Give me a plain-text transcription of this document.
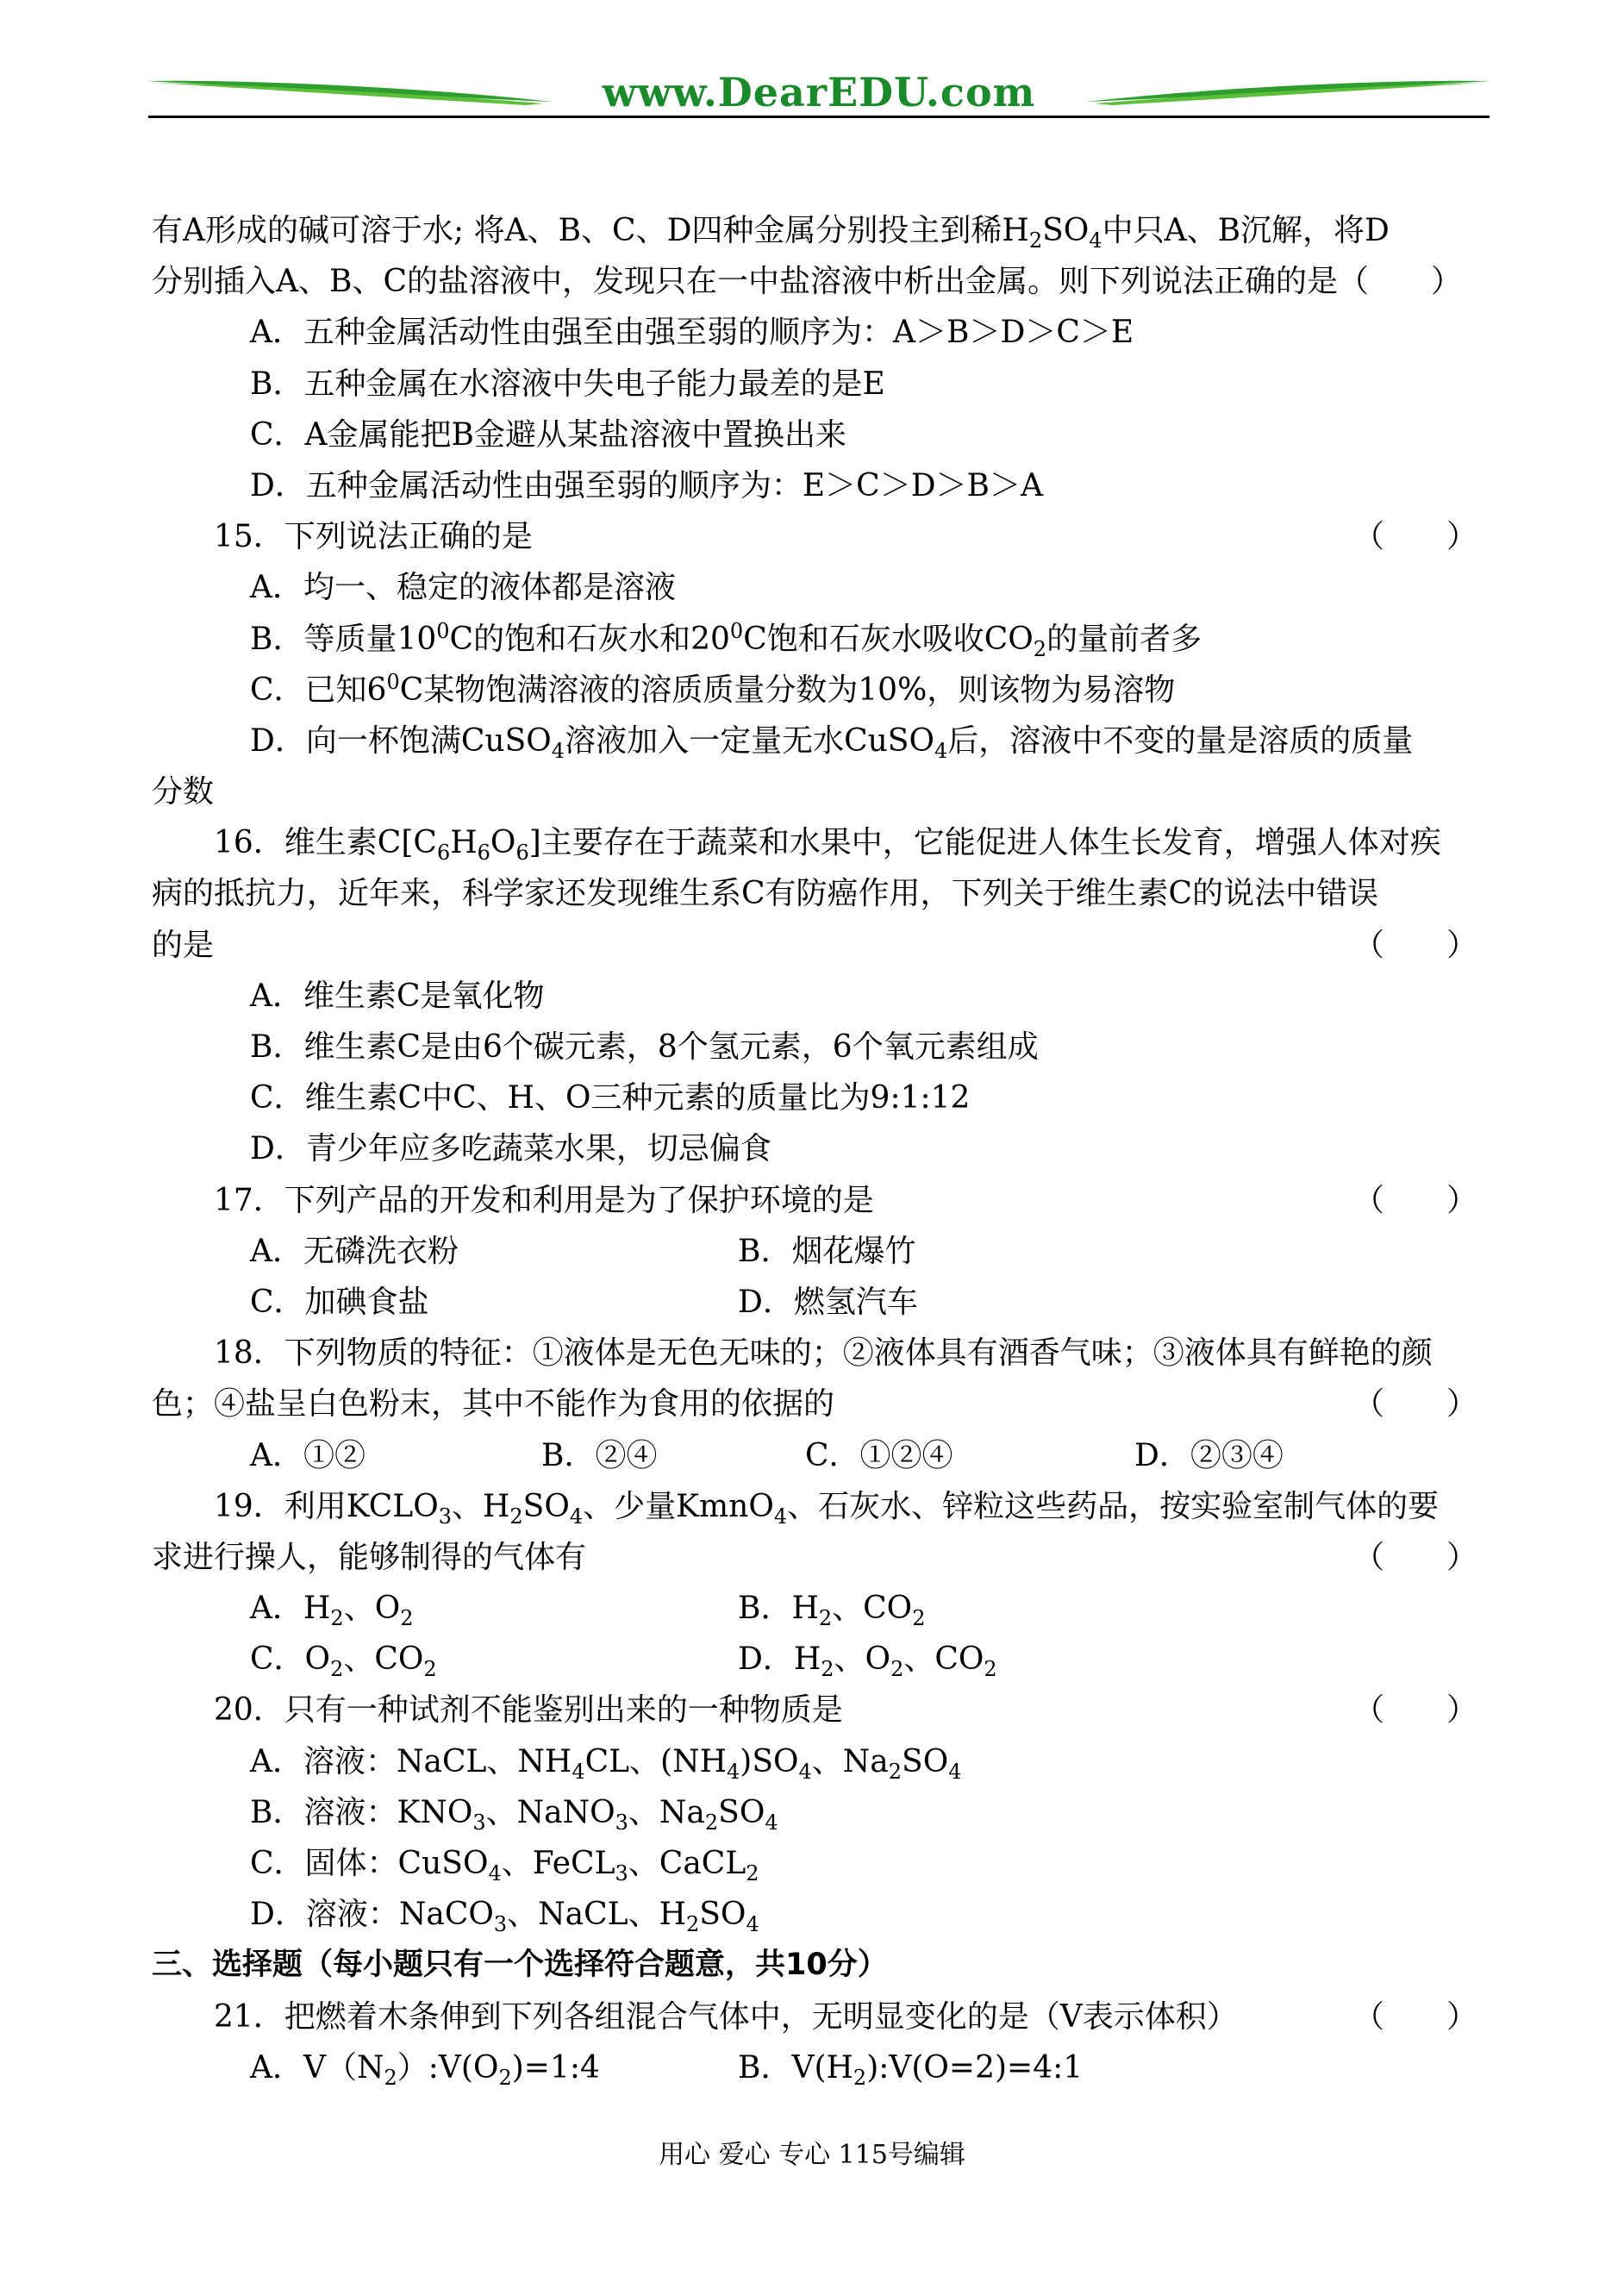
www.DearEDU.com
有A形成的碱可溶于水; 将A、B、C、D四种金属分别投主到稀$H_2SO_4$中只A、B沉解，将D
分别插入A、B、C的盐溶液中，发现只在一中盐溶液中析出金属。则下列说法正确的是（　　）
A．五种金属活动性由强至由强至弱的顺序为：A＞B＞D＞C＞E
B．五种金属在水溶液中失电子能力最差的是E
C．A金属能把B金避从某盐溶液中置换出来
D．五种金属活动性由强至弱的顺序为：E＞C＞D＞B＞A
15．下列说法正确的是	（　　）
A．均一、稳定的液体都是溶液
B．等质量$10^0C$的饱和石灰水和$20^0C$饱和石灰水吸收$CO_2$的量前者多
C．已知$6^0C$某物饱满溶液的溶质质量分数为10%，则该物为易溶物
D．向一杯饱满CuSO$_4$溶液加入一定量无水CuSO$_4$后，溶液中不变的量是溶质的质量
分数
16．维生素$C[C_6H_6O_6]$主要存在于蔬菜和水果中，它能促进人体生长发育，增强人体对疾
病的抵抗力，近年来，科学家还发现维生系C有防癌作用，下列关于维生素C的说法中错误
的是	（　　）
A．维生素C是氧化物
B．维生素C是由6个碳元素，8个氢元素，6个氧元素组成
C．维生素C中C、H、O三种元素的质量比为9:1:12
D．青少年应多吃蔬菜水果，切忌偏食
17．下列产品的开发和利用是为了保护环境的是	（　　）
A．无磷洗衣粉	B．烟花爆竹
C．加碘食盐	D．燃氢汽车
18．下列物质的特征：①液体是无色无味的；②液体具有酒香气味；③液体具有鲜艳的颜
色；④盐呈白色粉末，其中不能作为食用的依据的	（　　）
A．①②	B．②④	C．①②④	D．②③④
19．利用$KCLO_3$、$H_2SO_4$、少量KmnO$_4$、石灰水、锌粒这些药品，按实验室制气体的要
求进行操人，能够制得的气体有	（　　）
A．$H_2$、$O_2$	B．$H_2$、$CO_2$
C．$O_2$、$CO_2$	D．$H_2$、$O_2$、$CO_2$
20．只有一种试剂不能鉴别出来的一种物质是	（　　）
A．溶液：NaCL、$NH_4CL$、$(NH_4)SO_4$、$Na_2SO_4$
B．溶液：$KNO_3$、NaNO$_3$、$Na_2SO_4$
C．固体：CuSO$_4$、FeCL$_3$、CaCL$_2$
D．溶液：NaCO$_3$、NaCL、$H_2SO_4$
三、选择题（每小题只有一个选择符合题意，共10分）
21．把燃着木条伸到下列各组混合气体中，无明显变化的是（V表示体积）	（　　）
A．$V(N_2):V(O_2)=1:4$	B．$V(H_2):V(O=2)=4:1$
用心 爱心 专心 115号编辑
